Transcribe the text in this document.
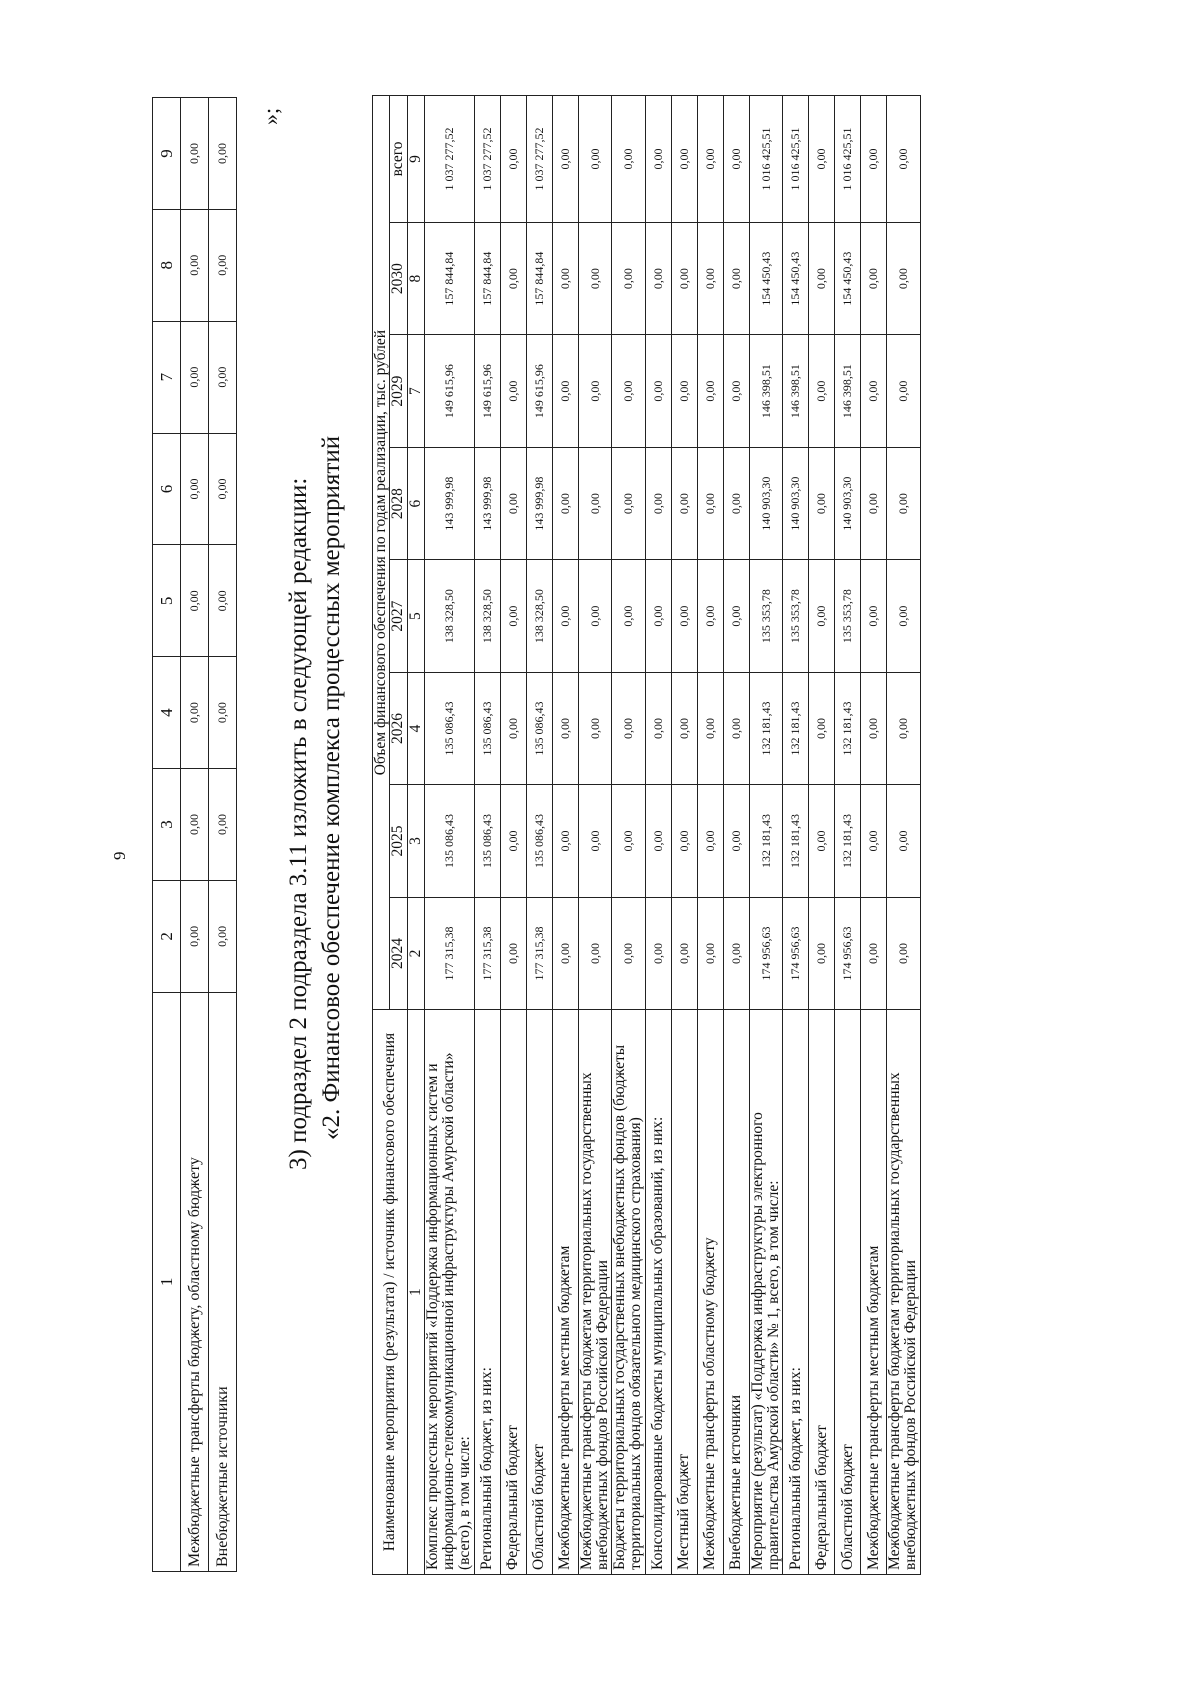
9
1	2	3	4	5	6	7	8	9
Межбюджетные трансферты бюджету, областному бюджету	0,00	0,00	0,00	0,00	0,00	0,00	0,00	0,00
Внебюджетные источники	0,00	0,00	0,00	0,00	0,00	0,00	0,00	0,00
»;
3) подраздел 2 подраздела 3.11 изложить в следующей редакции: «2. Финансовое обеспечение комплекса процессных мероприятий
Наименование мероприятия (результата) / источник финансового обеспечения	Объем финансового обеспечения по годам реализации, тыс. рублей							
	2024	2025	2026	2027	2028	2029	2030	всего
1	2	3	4	5	6	7	8	9
Комплекс процессных мероприятий «Поддержка информационных систем и информационно-телекоммуникационной инфраструктуры Амурской области» (всего), в том числе:	177 315,38	135 086,43	135 086,43	138 328,50	143 999,98	149 615,96	157 844,84	1 037 277,52
Региональный бюджет, из них:	177 315,38	135 086,43	135 086,43	138 328,50	143 999,98	149 615,96	157 844,84	1 037 277,52
Федеральный бюджет	0,00	0,00	0,00	0,00	0,00	0,00	0,00	0,00
Областной бюджет	177 315,38	135 086,43	135 086,43	138 328,50	143 999,98	149 615,96	157 844,84	1 037 277,52
Межбюджетные трансферты местным бюджетам	0,00	0,00	0,00	0,00	0,00	0,00	0,00	0,00
Межбюджетные трансферты бюджетам территориальных государственных внебюджетных фондов Российской Федерации	0,00	0,00	0,00	0,00	0,00	0,00	0,00	0,00
Бюджеты территориальных государственных внебюджетных фондов (бюджеты территориальных фондов обязательного медицинского страхования)	0,00	0,00	0,00	0,00	0,00	0,00	0,00	0,00
Консолидированные бюджеты муниципальных образований, из них:	0,00	0,00	0,00	0,00	0,00	0,00	0,00	0,00
Местный бюджет	0,00	0,00	0,00	0,00	0,00	0,00	0,00	0,00
Межбюджетные трансферты областному бюджету	0,00	0,00	0,00	0,00	0,00	0,00	0,00	0,00
Внебюджетные источники	0,00	0,00	0,00	0,00	0,00	0,00	0,00	0,00
Мероприятие (результат) «Поддержка инфраструктуры электронного правительства Амурской области» № 1, всего, в том числе:	174 956,63	132 181,43	132 181,43	135 353,78	140 903,30	146 398,51	154 450,43	1 016 425,51
Региональный бюджет, из них:	174 956,63	132 181,43	132 181,43	135 353,78	140 903,30	146 398,51	154 450,43	1 016 425,51
Федеральный бюджет	0,00	0,00	0,00	0,00	0,00	0,00	0,00	0,00
Областной бюджет	174 956,63	132 181,43	132 181,43	135 353,78	140 903,30	146 398,51	154 450,43	1 016 425,51
Межбюджетные трансферты местным бюджетам	0,00	0,00	0,00	0,00	0,00	0,00	0,00	0,00
Межбюджетные трансферты бюджетам территориальных государственных внебюджетных фондов Российской Федерации	0,00	0,00	0,00	0,00	0,00	0,00	0,00	0,00
